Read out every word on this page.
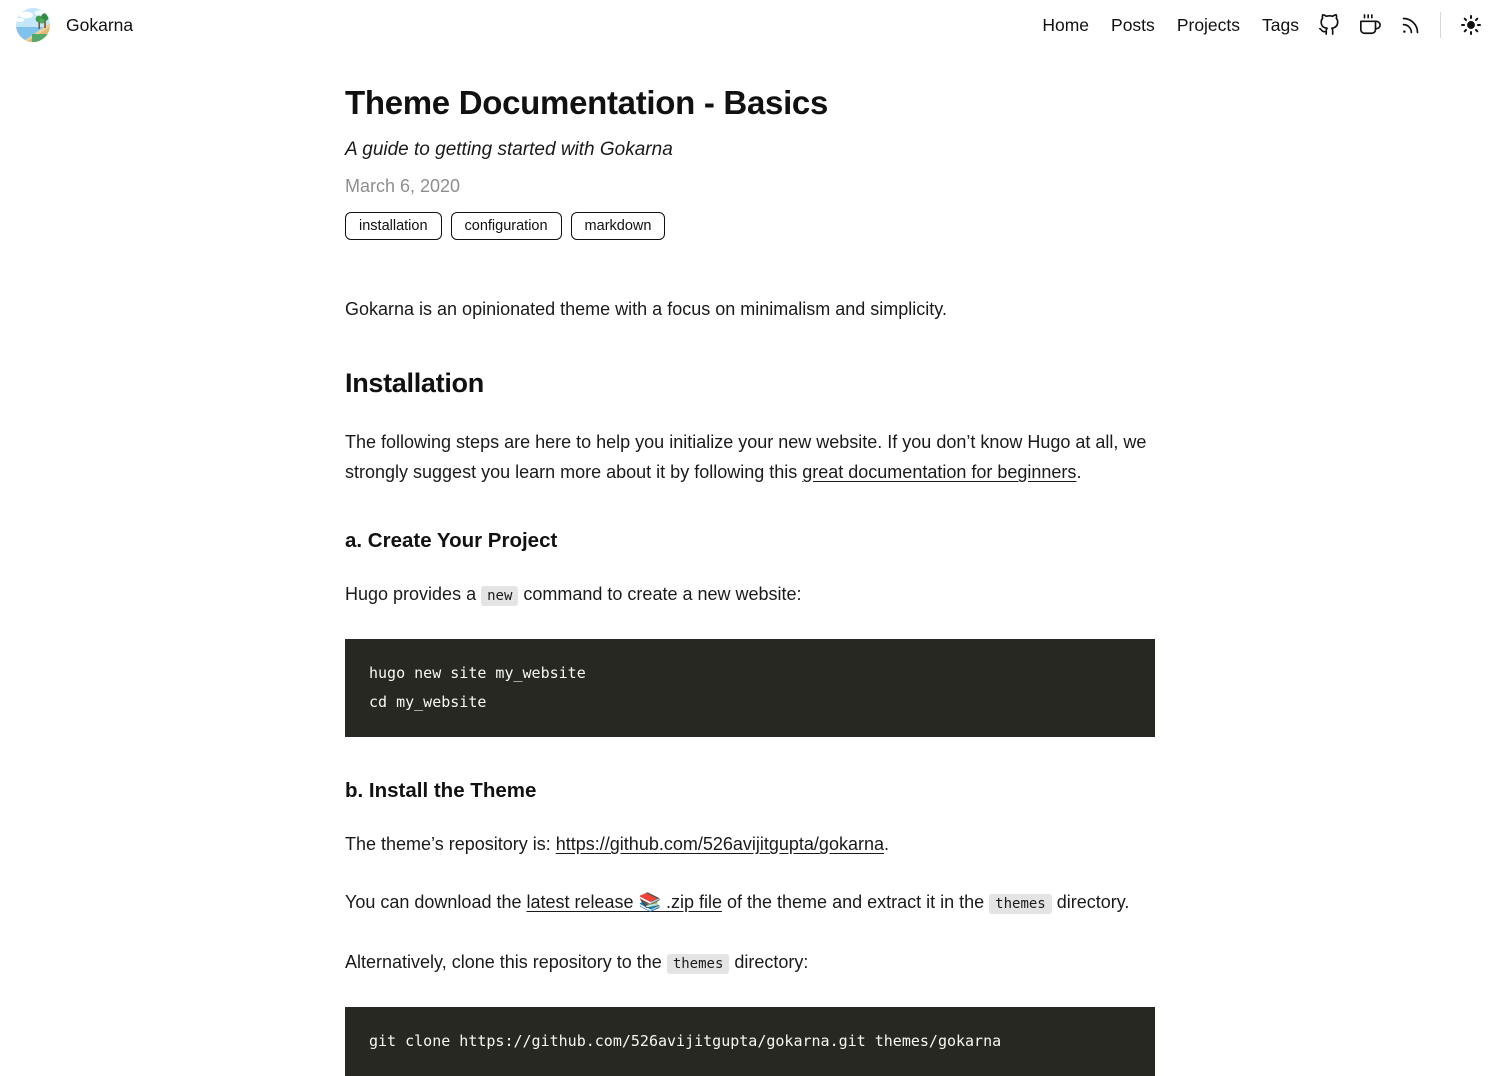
Gokarna	Home Posts Projects Tags
Theme Documentation - Basics
A guide to getting started with Gokarna
March 6, 2020
installation	configuration	markdown

Gokarna is an opinionated theme with a focus on minimalism and simplicity.

Installation

The following steps are here to help you initialize your new website. If you don’t know Hugo at all, we strongly suggest you learn more about it by following this great documentation for beginners.

a. Create Your Project

Hugo provides a new command to create a new website:

hugo new site my_website
cd my_website
b. Install the Theme

The theme’s repository is: https://github.com/526avijitgupta/gokarna.

You can download the latest release 📚 .zip file of the theme and extract it in the themes directory.

Alternatively, clone this repository to the themes directory:

git clone https://github.com/526avijitgupta/gokarna.git themes/gokarna
